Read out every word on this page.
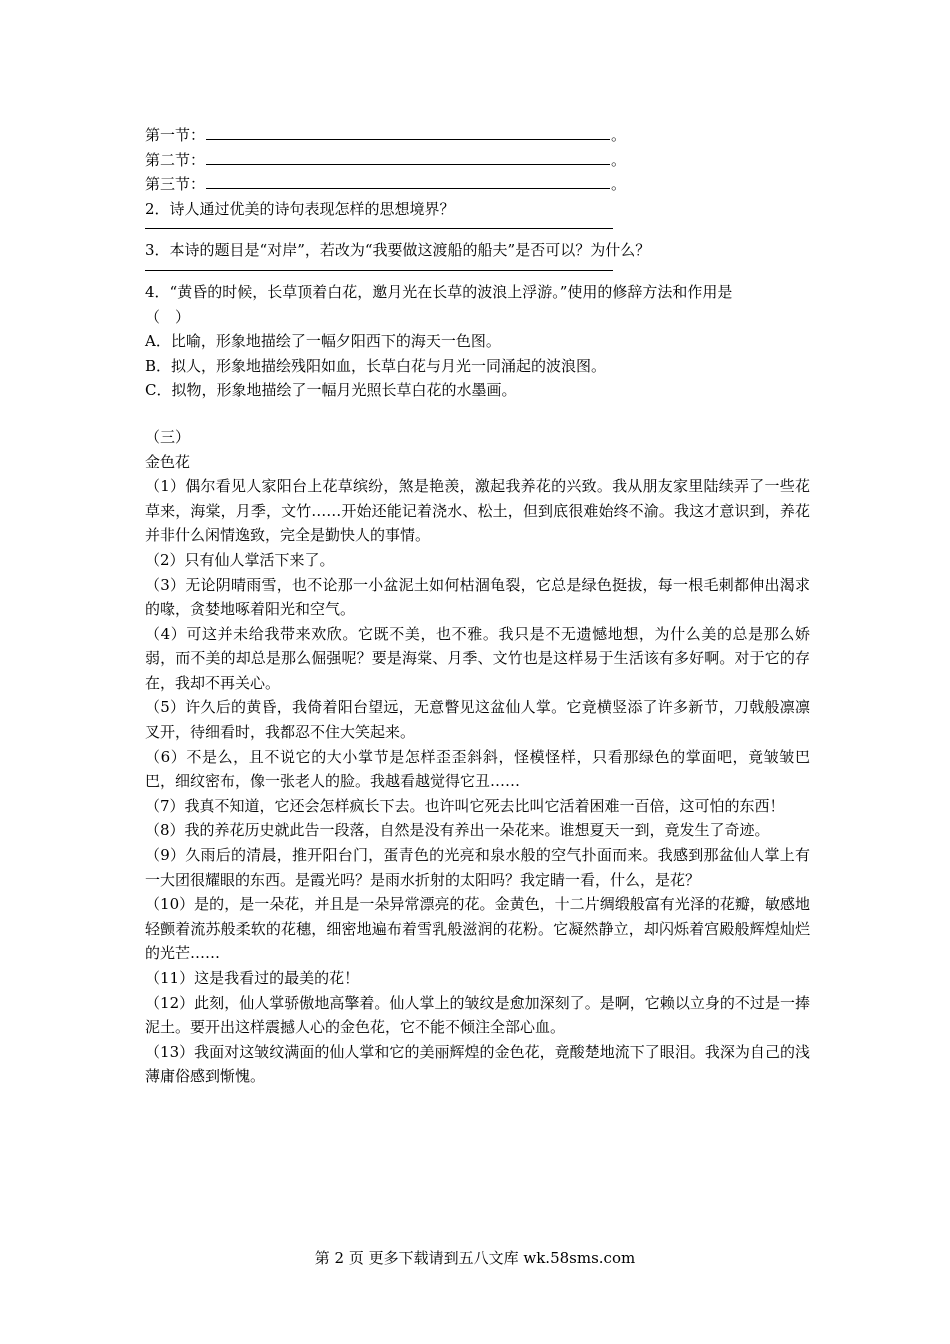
第一节：	。
第二节：	。
第三节：	。
2．诗人通过优美的诗句表现怎样的思想境界？
3．本诗的题目是“对岸”，若改为“我要做这渡船的船夫”是否可以？为什么？

4．“黄昏的时候，长草顶着白花，邀月光在长草的波浪上浮游。”使用的修辞方法和作用是

（　）
A．比喻，形象地描绘了一幅夕阳西下的海天一色图。
B．拟人，形象地描绘残阳如血，长草白花与月光一同涌起的波浪图。
C．拟物，形象地描绘了一幅月光照长草白花的水墨画。
（三）
金色花

（1）偶尔看见人家阳台上花草缤纷，煞是艳羡，激起我养花的兴致。我从朋友家里陆续弄了一些花草来，海棠，月季，文竹……开始还能记着浇水、松土，但到底很难始终不渝。我这才意识到，养花并非什么闲情逸致，完全是勤快人的事情。

（2）只有仙人掌活下来了。

（3）无论阴晴雨雪，也不论那一小盆泥土如何枯涸龟裂，它总是绿色挺拔，每一根毛刺都伸出渴求的喙，贪婪地啄着阳光和空气。

（4）可这并未给我带来欢欣。它既不美，也不雅。我只是不无遗憾地想，为什么美的总是那么娇弱，而不美的却总是那么倔强呢？要是海棠、月季、文竹也是这样易于生活该有多好啊。对于它的存在，我却不再关心。

（5）许久后的黄昏，我倚着阳台望远，无意瞥见这盆仙人掌。它竟横竖添了许多新节，刀戟般凛凛叉开，待细看时，我都忍不住大笑起来。

（6）不是么，且不说它的大小掌节是怎样歪歪斜斜，怪模怪样，只看那绿色的掌面吧，竟皱皱巴巴，细纹密布，像一张老人的脸。我越看越觉得它丑……

（7）我真不知道，它还会怎样疯长下去。也许叫它死去比叫它活着困难一百倍，这可怕的东西！

（8）我的养花历史就此告一段落，自然是没有养出一朵花来。谁想夏天一到，竟发生了奇迹。

（9）久雨后的清晨，推开阳台门，蛋青色的光亮和泉水般的空气扑面而来。我感到那盆仙人掌上有一大团很耀眼的东西。是霞光吗？是雨水折射的太阳吗？我定睛一看，什么，是花？

（10）是的，是一朵花，并且是一朵异常漂亮的花。金黄色，十二片绸缎般富有光泽的花瓣，敏感地轻颤着流苏般柔软的花穗，细密地遍布着雪乳般滋润的花粉。它凝然静立，却闪烁着宫殿般辉煌灿烂的光芒……

（11）这是我看过的最美的花！

（12）此刻，仙人掌骄傲地高擎着。仙人掌上的皱纹是愈加深刻了。是啊，它赖以立身的不过是一捧泥土。要开出这样震撼人心的金色花，它不能不倾注全部心血。

（13）我面对这皱纹满面的仙人掌和它的美丽辉煌的金色花，竟酸楚地流下了眼泪。我深为自己的浅薄庸俗感到惭愧。

第 2 页 更多下载请到五八文库 wk.58sms.com
